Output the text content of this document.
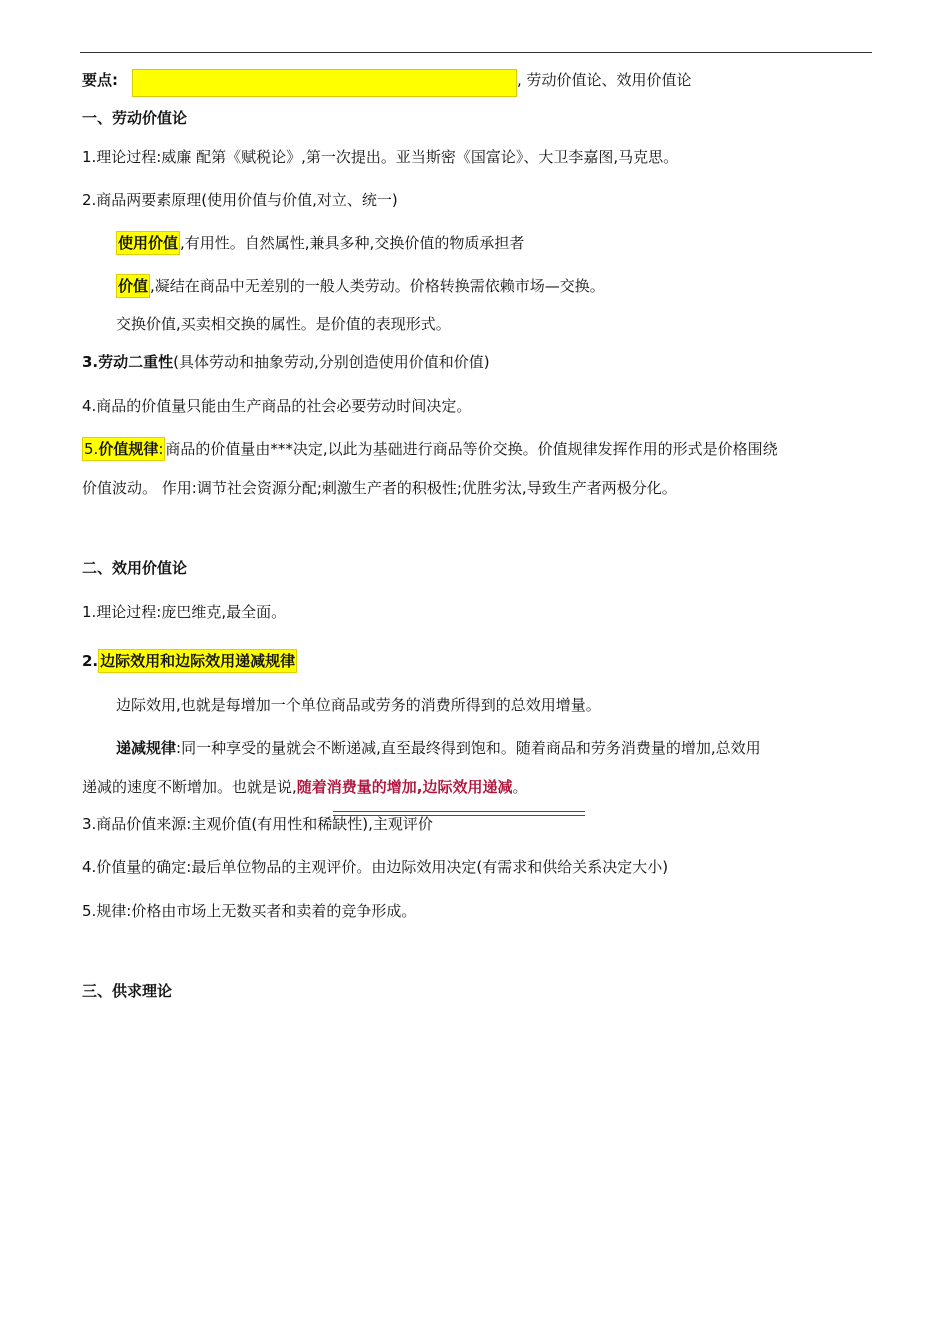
要点:	, 劳动价值论、效用价值论
一、劳动价值论
1.理论过程:威廉 配第《赋税论》,第一次提出。亚当斯密《国富论》、大卫李嘉图,马克思。
2.商品两要素原理(使用价值与价值,对立、统一)
使用价值 ,有用性。自然属性,兼具多种,交换价值的物质承担者
价值 ,凝结在商品中无差别的一般人类劳动。价格转换需依赖市场—交换。
交换价值,买卖相交换的属性。是价值的表现形式。
3.劳动二重性(具体劳动和抽象劳动,分别创造使用价值和价值)
4.商品的价值量只能由生产商品的社会必要劳动时间决定。
5.价值规律: 商品的价值量由***决定,以此为基础进行商品等价交换。价值规律发挥作用的形式是价格围绕
价值波动。 作用:调节社会资源分配;刺激生产者的积极性;优胜劣汰,导致生产者两极分化。
二、效用价值论
1.理论过程:庞巴维克,最全面。
2. 边际效用和边际效用递减规律
边际效用,也就是每增加一个单位商品或劳务的消费所得到的总效用增量。
递减规律:同一种享受的量就会不断递减,直至最终得到饱和。随着商品和劳务消费量的增加,总效用
递减的速度不断增加。也就是说,随着消费量的增加,边际效用递减。
3.商品价值来源:主观价值(有用性和稀缺性),主观评价
4.价值量的确定:最后单位物品的主观评价。由边际效用决定(有需求和供给关系决定大小)
5.规律:价格由市场上无数买者和卖着的竞争形成。
三、供求理论
